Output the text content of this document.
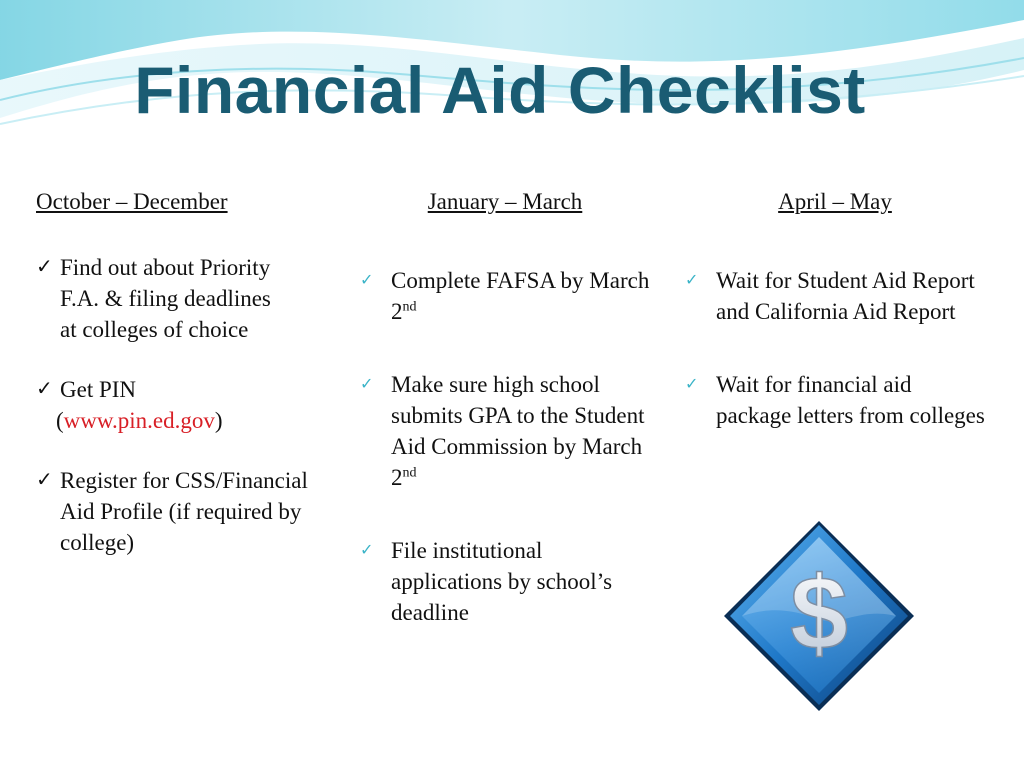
Financial Aid Checklist
October – December
✓ Find out about Priority
F.A. & filing deadlines
at colleges of choice
✓ Get PIN
(www.pin.ed.gov)
✓ Register for CSS/Financial Aid Profile (if required by college)
January – March
✓ Complete FAFSA by March 2nd
✓ Make sure high school submits GPA to the Student Aid Commission by March 2nd
✓ File institutional applications by school’s deadline
April – May
✓ Wait for Student Aid Report and California Aid Report
✓ Wait for financial aid package letters from colleges
$
